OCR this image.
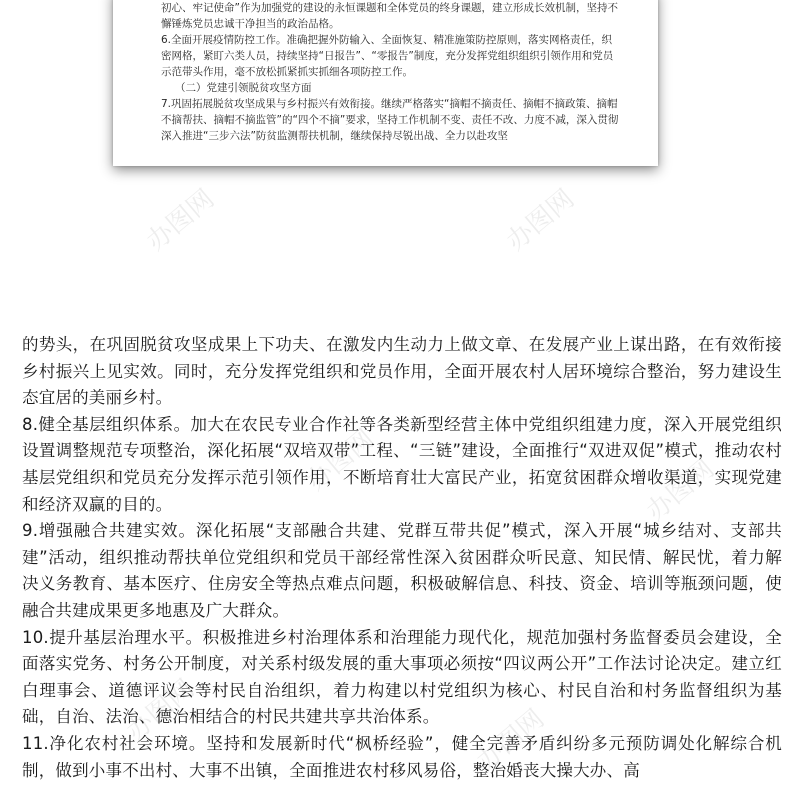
初心、牢记使命”作为加强党的建设的永恒课题和全体党员的终身课题，建立形成长效机制，坚持不懈锤炼党员忠诚干净担当的政治品格。

6.全面开展疫情防控工作。准确把握外防输入、全面恢复、精准施策防控原则，落实网格责任，织密网格，紧盯六类人员，持续坚持“日报告”、“零报告”制度，充分发挥党组织组织引领作用和党员示范带头作用，毫不放松抓紧抓实抓细各项防控工作。

（二）党建引领脱贫攻坚方面

7.巩固拓展脱贫攻坚成果与乡村振兴有效衔接。继续严格落实“摘帽不摘责任、摘帽不摘政策、摘帽不摘帮扶、摘帽不摘监管”的“四个不摘”要求，坚持工作机制不变、责任不改、力度不减，深入贯彻深入推进“三步六法”防贫监测帮扶机制，继续保持尽锐出战、全力以赴攻坚

办图网	办图网
办图网	办图网
办图网	办图网

的势头，在巩固脱贫攻坚成果上下功夫、在激发内生动力上做文章、在发展产业上谋出路，在有效衔接乡村振兴上见实效。同时，充分发挥党组织和党员作用，全面开展农村人居环境综合整治，努力建设生态宜居的美丽乡村。

8.健全基层组织体系。加大在农民专业合作社等各类新型经营主体中党组织组建力度，深入开展党组织设置调整规范专项整治，深化拓展“双培双带”工程、“三链”建设，全面推行“双进双促”模式，推动农村基层党组织和党员充分发挥示范引领作用，不断培育壮大富民产业，拓宽贫困群众增收渠道，实现党建和经济双赢的目的。

9.增强融合共建实效。深化拓展“支部融合共建、党群互带共促”模式，深入开展“城乡结对、支部共建”活动，组织推动帮扶单位党组织和党员干部经常性深入贫困群众听民意、知民情、解民忧，着力解决义务教育、基本医疗、住房安全等热点难点问题，积极破解信息、科技、资金、培训等瓶颈问题，使融合共建成果更多地惠及广大群众。

10.提升基层治理水平。积极推进乡村治理体系和治理能力现代化，规范加强村务监督委员会建设，全面落实党务、村务公开制度，对关系村级发展的重大事项必须按“四议两公开”工作法讨论决定。建立红白理事会、道德评议会等村民自治组织，着力构建以村党组织为核心、村民自治和村务监督组织为基础，自治、法治、德治相结合的村民共建共享共治体系。

11.净化农村社会环境。坚持和发展新时代“枫桥经验”，健全完善矛盾纠纷多元预防调处化解综合机制，做到小事不出村、大事不出镇，全面推进农村移风易俗，整治婚丧大操大办、高
